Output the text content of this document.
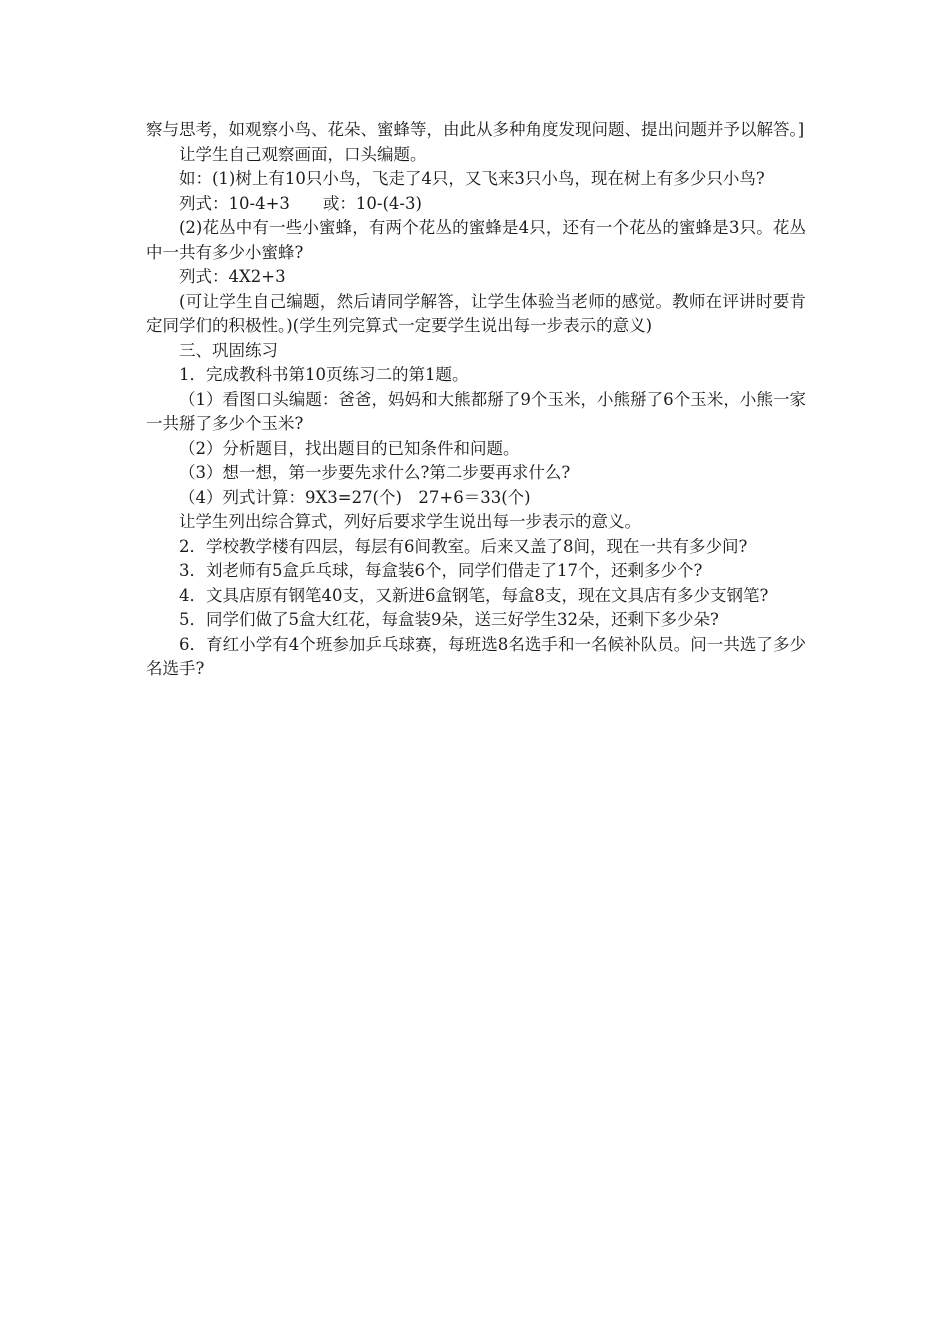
察与思考，如观察小鸟、花朵、蜜蜂等，由此从多种角度发现问题、提出问题并予以解答。]

让学生自己观察画面，口头编题。

如：(1)树上有10只小鸟，飞走了4只，又飞来3只小鸟，现在树上有多少只小鸟?

列式：10-4+3　　或：10-(4-3)

(2)花丛中有一些小蜜蜂，有两个花丛的蜜蜂是4只，还有一个花丛的蜜蜂是3只。花丛中一共有多少小蜜蜂?

列式：4X2+3

(可让学生自己编题，然后请同学解答，让学生体验当老师的感觉。教师在评讲时要肯定同学们的积极性。)(学生列完算式一定要学生说出每一步表示的意义)

三、巩固练习

1．完成教科书第10页练习二的第1题。

（1）看图口头编题：爸爸，妈妈和大熊都掰了9个玉米，小熊掰了6个玉米，小熊一家一共掰了多少个玉米?

（2）分析题目，找出题目的已知条件和问题。

（3）想一想，第一步要先求什么?第二步要再求什么?

（4）列式计算：9X3=27(个)　27+6＝33(个)

让学生列出综合算式，列好后要求学生说出每一步表示的意义。

2．学校教学楼有四层，每层有6间教室。后来又盖了8间，现在一共有多少间?

3．刘老师有5盒乒乓球，每盒装6个，同学们借走了17个，还剩多少个?

4．文具店原有钢笔40支，又新进6盒钢笔，每盒8支，现在文具店有多少支钢笔?

5．同学们做了5盒大红花，每盒装9朵，送三好学生32朵，还剩下多少朵?

6．育红小学有4个班参加乒乓球赛，每班选8名选手和一名候补队员。问一共选了多少名选手?
